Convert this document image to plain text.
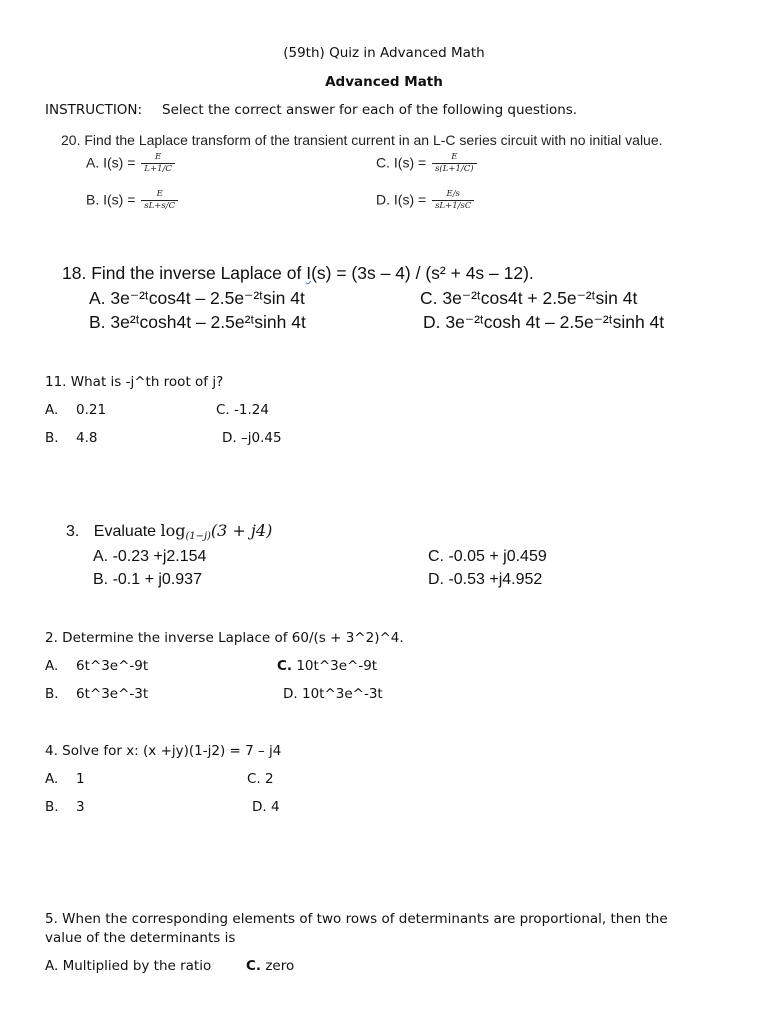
(59th) Quiz in Advanced Math
Advanced Math
INSTRUCTION: Select the correct answer for each of the following questions.
20. Find the Laplace transform of the transient current in an L-C series circuit with no initial value.
A. $I(s) = \frac{E}{L+1/C}$	C. $I(s) = \frac{E}{s(L+1/C)}$
B. $I(s) = \frac{E}{sL+s/C}$	D. $I(s) = \frac{E/s}{sL+1/sC}$
18. Find the inverse Laplace of I(s) = (3s – 4) / (s² + 4s – 12).
A. 3e⁻²ᵗcos4t – 2.5e⁻²ᵗsin 4t
B. 3e²ᵗcosh4t – 2.5e²ᵗsinh 4t
C. 3e⁻²ᵗcos4t + 2.5e⁻²ᵗsin 4t
D. 3e⁻²ᵗcosh 4t – 2.5e⁻²ᵗsinh 4t
11. What is -j^th root of j?
A. 0.21
B. 4.8
C. -1.24
D. –j0.45
3. Evaluate $\log_{(1-j)}(3 + j4)$
A. -0.23 +j2.154
B. -0.1 + j0.937
C. -0.05 + j0.459
D. -0.53 +j4.952
2. Determine the inverse Laplace of 60/(s + 3^2)^4.
A. 6t^3e^-9t
B. 6t^3e^-3t
C. 10t^3e^-9t
D. 10t^3e^-3t
4. Solve for x: (x +jy)(1-j2) = 7 – j4
A. 1
B. 3
C. 2
D. 4
5. When the corresponding elements of two rows of determinants are proportional, then the
value of the determinants is
A. Multiplied by the ratio	C. zero
